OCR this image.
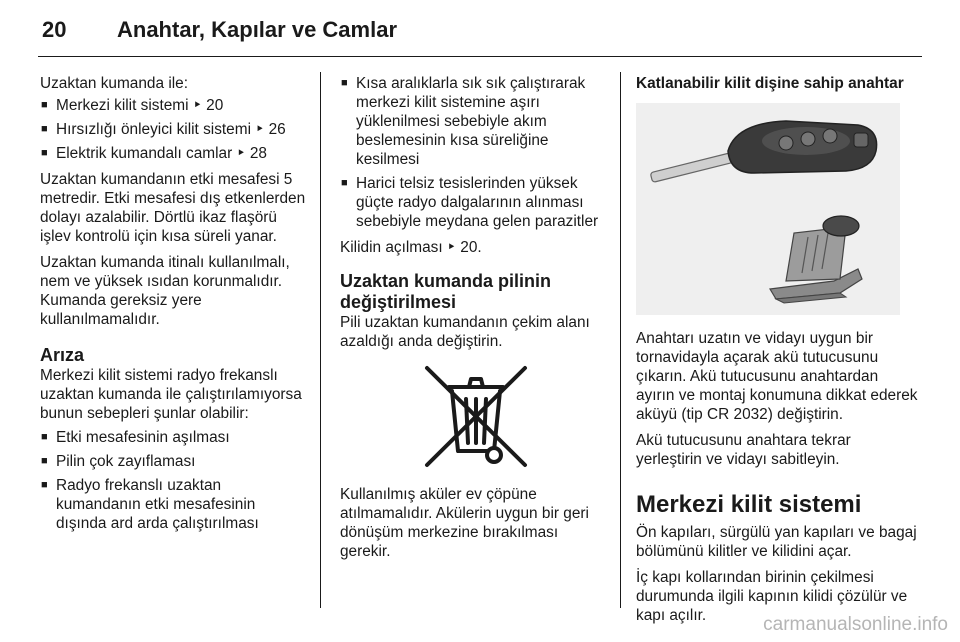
20 Anahtar, Kapılar ve Camlar

Uzaktan kumanda ile:

■ Merkezi kilit sistemi ‣ 20
■ Hırsızlığı önleyici kilit sistemi ‣ 26
■ Elektrik kumandalı camlar ‣ 28

Uzaktan kumandanın etki mesafesi 5 metredir. Etki mesafesi dış etkenlerden dolayı azalabilir. Dörtlü ikaz flaşörü işlev kontrolü için kısa süreli yanar.

Uzaktan kumanda itinalı kullanılmalı, nem ve yüksek ısıdan korunmalıdır. Kumanda gereksiz yere kullanılmamalıdır.

Arıza

Merkezi kilit sistemi radyo frekanslı uzaktan kumanda ile çalıştırılamıyorsa bunun sebepleri şunlar olabilir:

■ Etki mesafesinin aşılması
■ Pilin çok zayıflaması
■ Radyo frekanslı uzaktan kumandanın etki mesafesinin dışında ard arda çalıştırılması
■ Kısa aralıklarla sık sık çalıştırarak merkezi kilit sistemine aşırı yüklenilmesi sebebiyle akım beslemesinin kısa süreliğine kesilmesi
■ Harici telsiz tesislerinden yüksek güçte radyo dalgalarının alınması sebebiyle meydana gelen parazitler

Kilidin açılması ‣ 20.

Uzaktan kumanda pilinin değiştirilmesi

Pili uzaktan kumandanın çekim alanı azaldığı anda değiştirin.

Kullanılmış aküler ev çöpüne atılmamalıdır. Akülerin uygun bir geri dönüşüm merkezine bırakılması gerekir.

Katlanabilir kilit dişine sahip anahtar

Anahtarı uzatın ve vidayı uygun bir tornavidayla açarak akü tutucusunu çıkarın. Akü tutucusunu anahtardan ayırın ve montaj konumuna dikkat ederek aküyü (tip CR 2032) değiştirin.

Akü tutucusunu anahtara tekrar yerleştirin ve vidayı sabitleyin.

Merkezi kilit sistemi

Ön kapıları, sürgülü yan kapıları ve bagaj bölümünü kilitler ve kilidini açar.

İç kapı kollarından birinin çekilmesi durumunda ilgili kapının kilidi çözülür ve kapı açılır.	carmanualsonline.info
